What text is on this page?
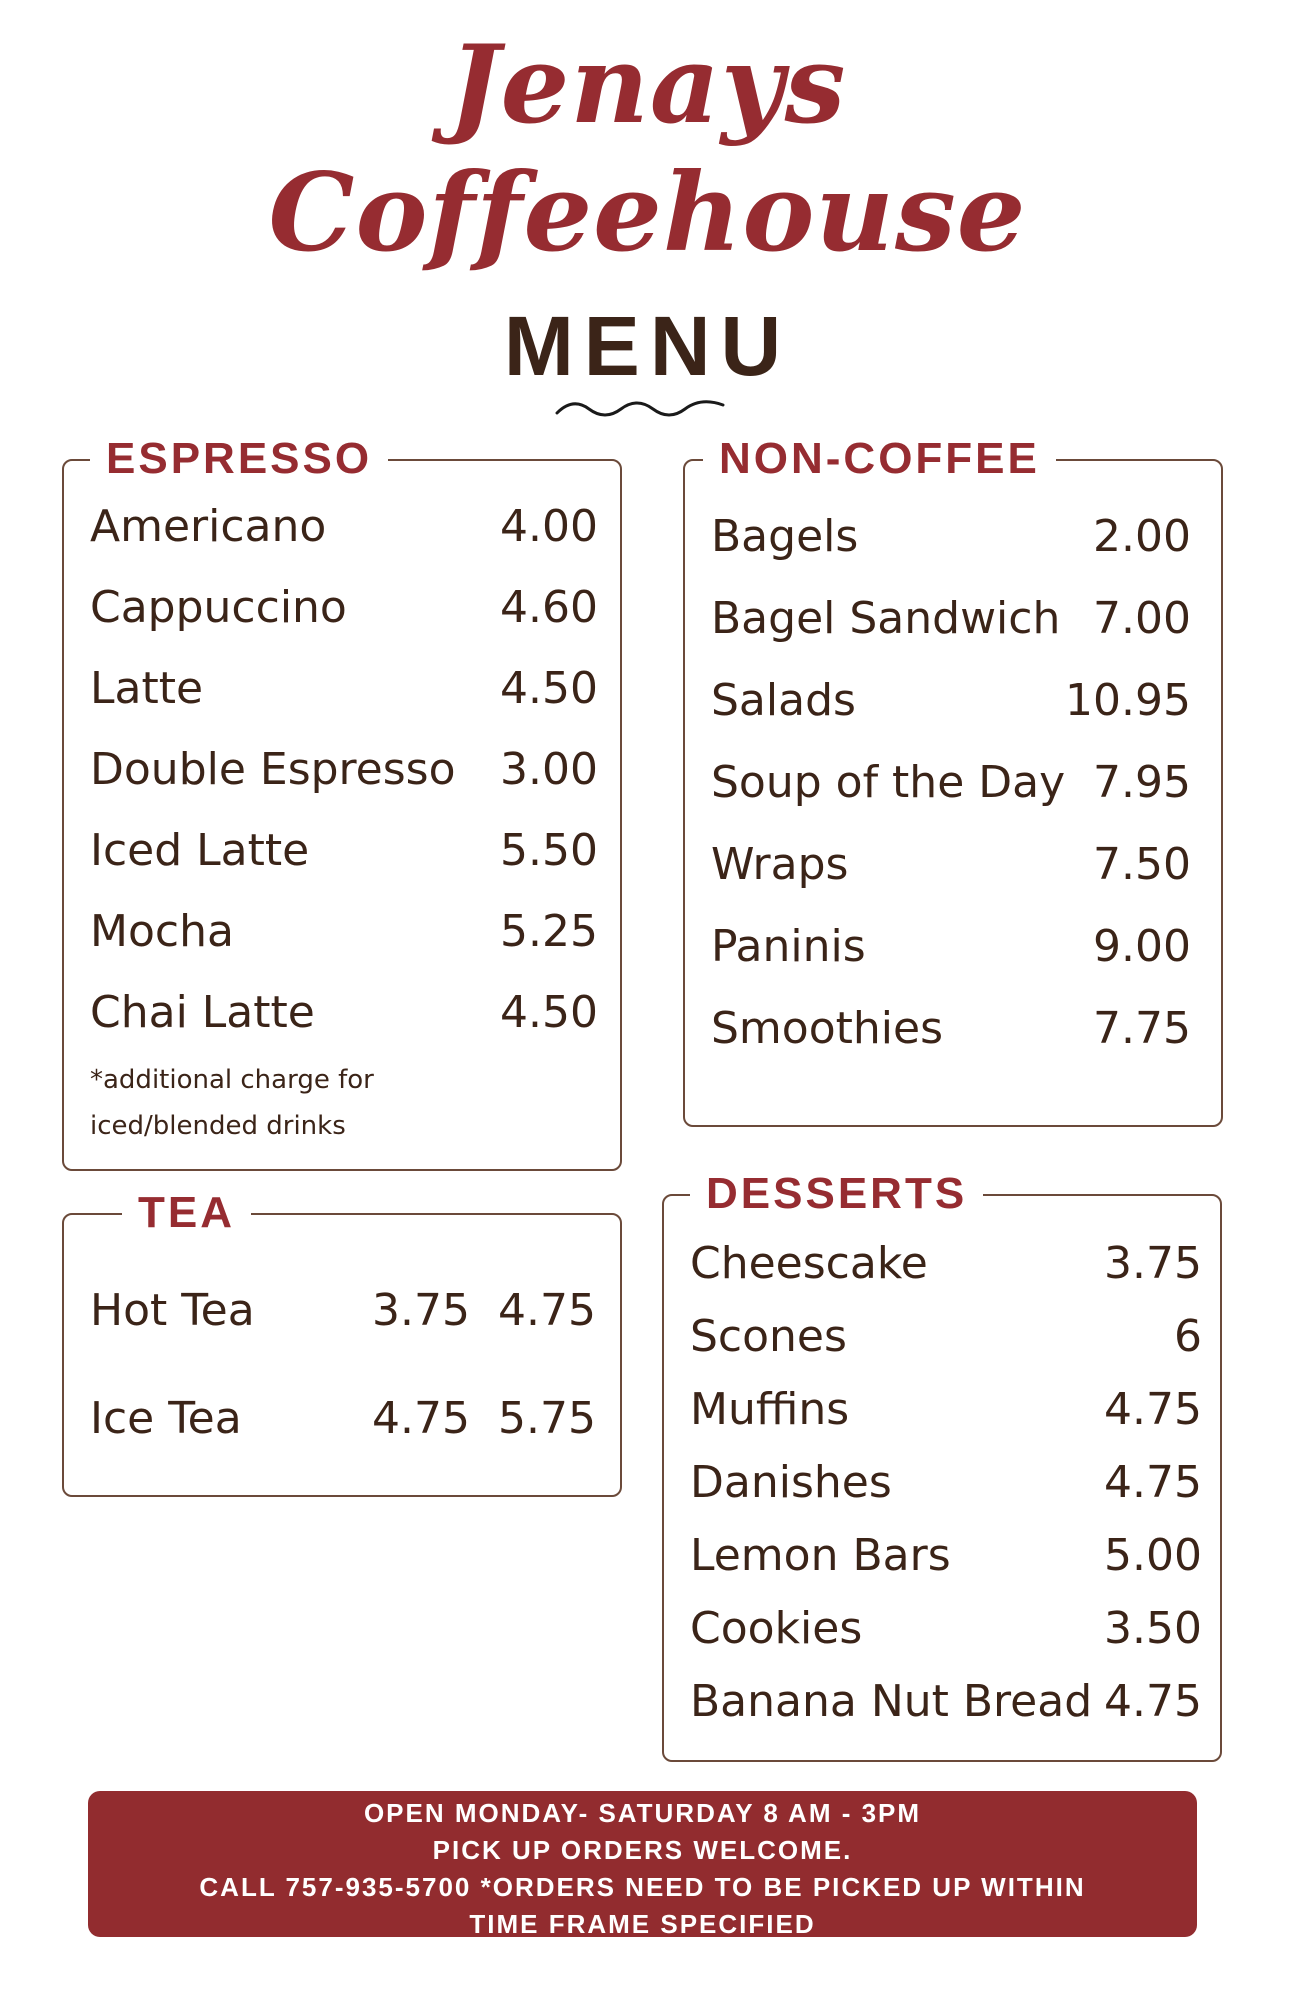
Jenays
Coffeehouse
MENU
ESPRESSO
Americano	4.00
Cappuccino	4.60
Latte	4.50
Double Espresso 3.00
Iced Latte	5.50
Mocha	5.25
Chai Latte	4.50
*additional charge for
iced/blended drinks
NON-COFFEE
Bagels	2.00
Bagel Sandwich 7.00
Salads	10.95
Soup of the Day 7.95
Wraps	7.50
Paninis	9.00
Smoothies	7.75
TEA
Hot Tea	3.75 4.75
Ice Tea	4.75 5.75
DESSERTS
Cheescake	3.75
Scones	6
Muffins	4.75
Danishes	4.75
Lemon Bars	5.00
Cookies	3.50
Banana Nut Bread 4.75
OPEN MONDAY- SATURDAY 8 AM - 3PM
PICK UP ORDERS WELCOME.
CALL 757-935-5700 *ORDERS NEED TO BE PICKED UP WITHIN
TIME FRAME SPECIFIED
